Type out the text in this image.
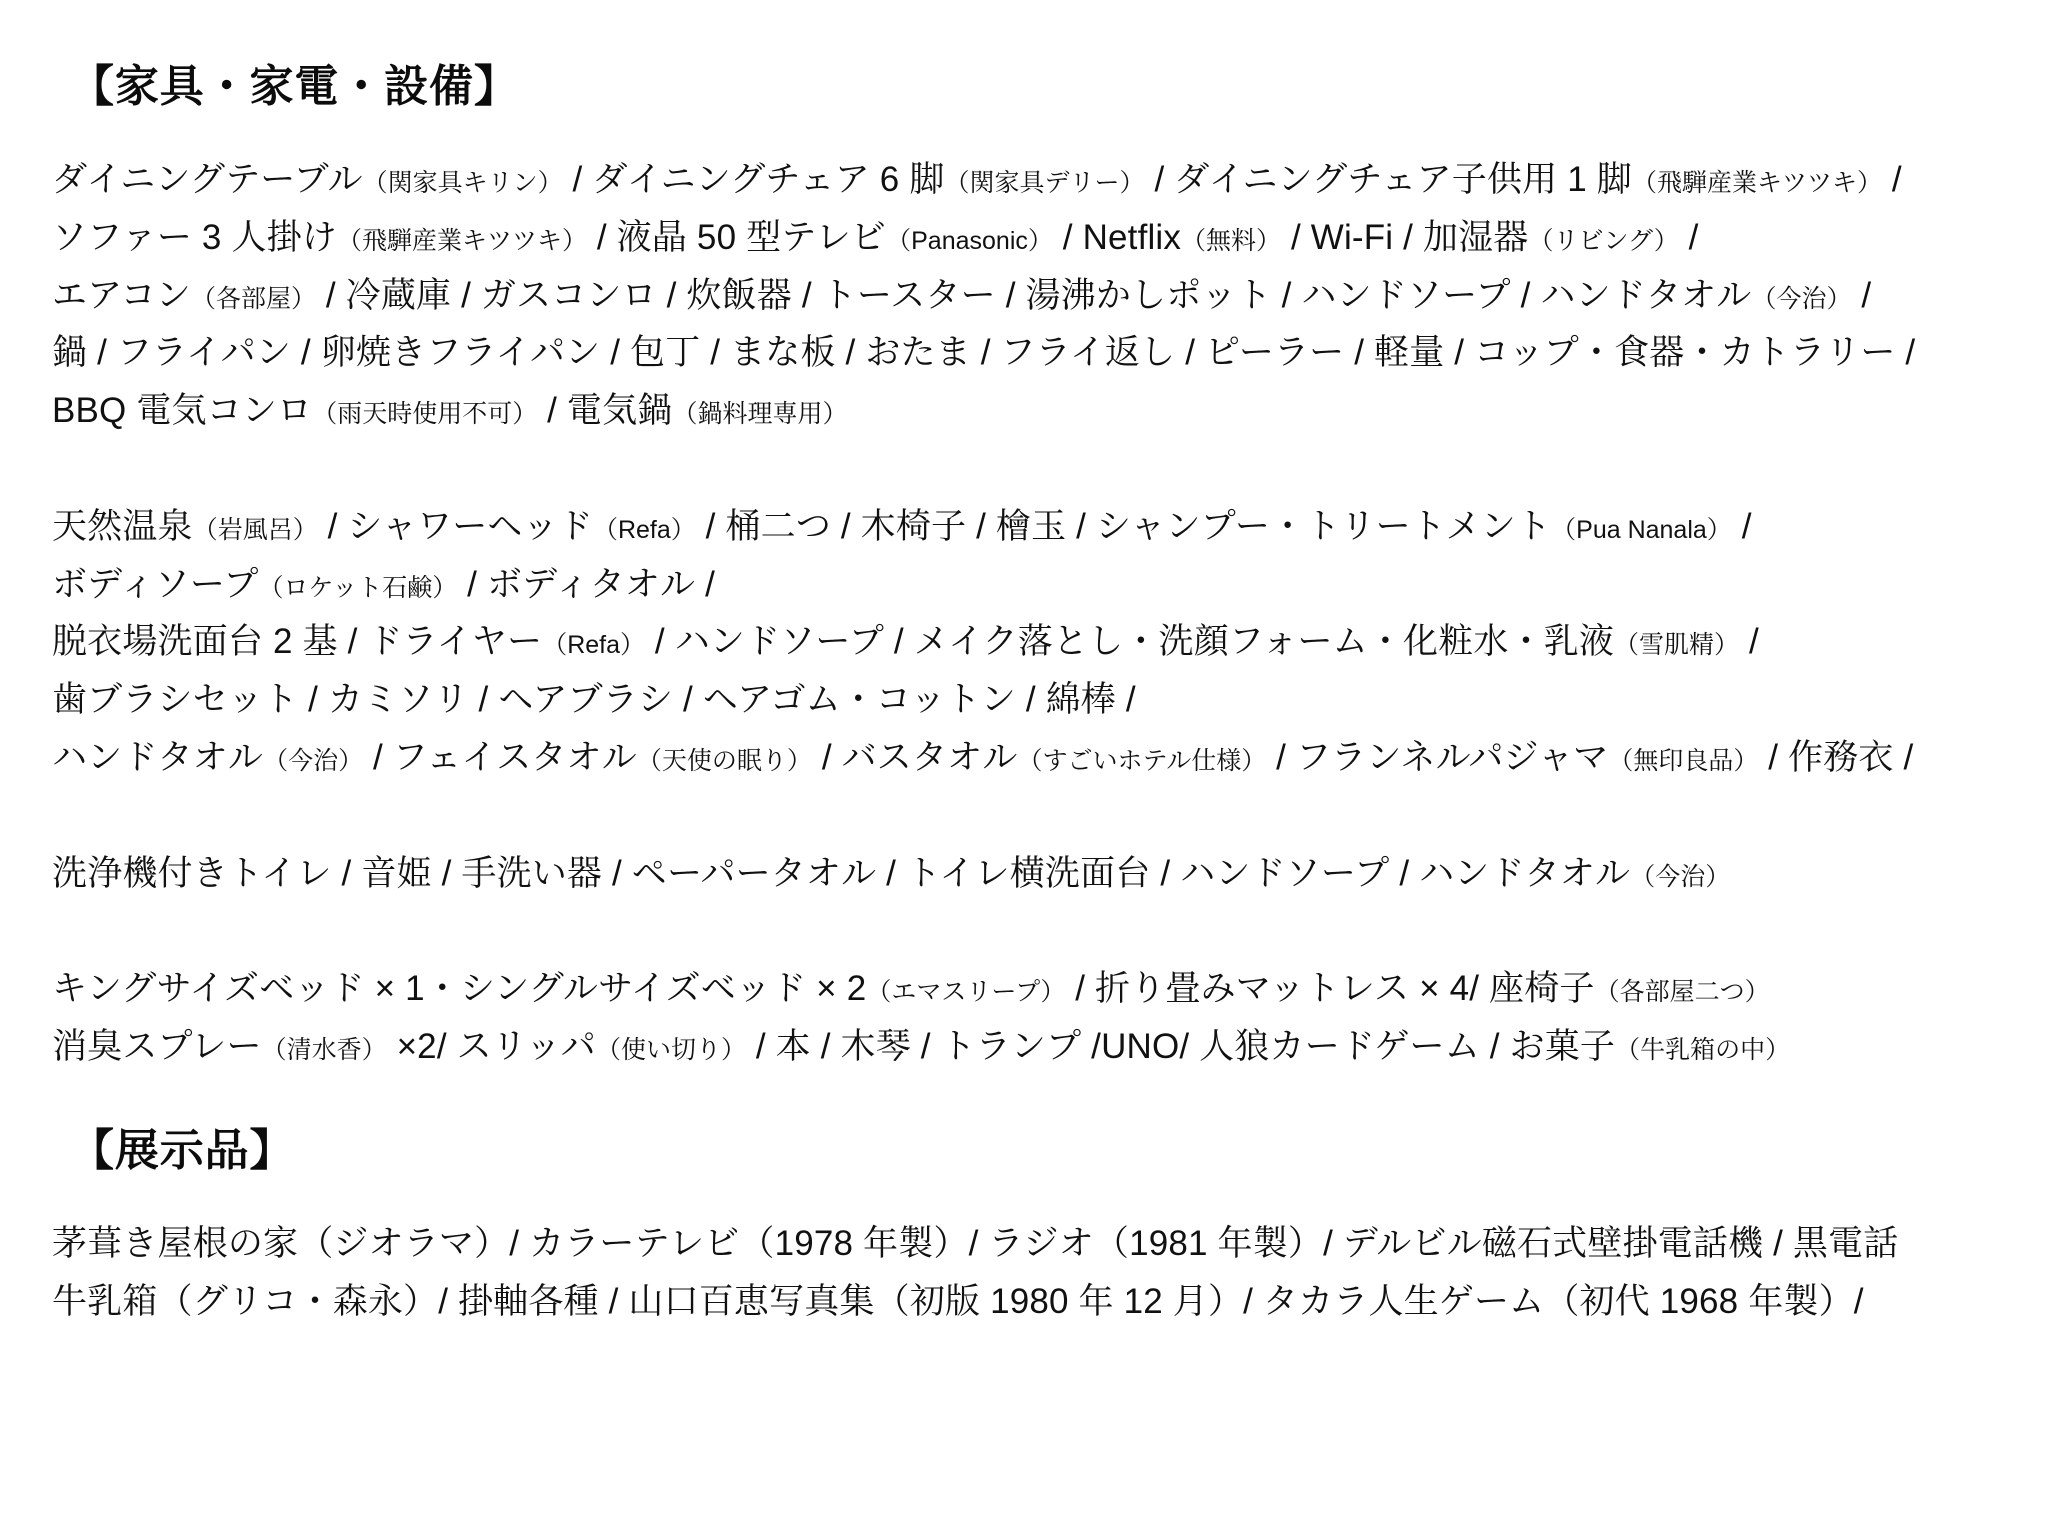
【家具・家電・設備】
ダイニングテーブル（関家具キリン） / ダイニングチェア 6 脚（関家具デリー） / ダイニングチェア子供用 1 脚（飛騨産業キツツキ） /
ソファー 3 人掛け（飛騨産業キツツキ） / 液晶 50 型テレビ（Panasonic） / Netflix（無料） / Wi-Fi / 加湿器（リビング） /
エアコン（各部屋） / 冷蔵庫 / ガスコンロ / 炊飯器 / トースター / 湯沸かしポット / ハンドソープ / ハンドタオル（今治） /
鍋 / フライパン / 卵焼きフライパン / 包丁 / まな板 / おたま / フライ返し / ピーラー / 軽量 / コップ・食器・カトラリー /
BBQ 電気コンロ（雨天時使用不可） / 電気鍋（鍋料理専用）
天然温泉（岩風呂） / シャワーヘッド（Refa） / 桶二つ / 木椅子 / 檜玉 / シャンプー・トリートメント（Pua Nanala） /
ボディソープ（ロケット石鹸） / ボディタオル /
脱衣場洗面台 2 基 / ドライヤー（Refa） / ハンドソープ / メイク落とし・洗顔フォーム・化粧水・乳液（雪肌精） /
歯ブラシセット / カミソリ / ヘアブラシ / ヘアゴム・コットン / 綿棒 /
ハンドタオル（今治） / フェイスタオル（天使の眠り） / バスタオル（すごいホテル仕様） / フランネルパジャマ（無印良品） / 作務衣 /
洗浄機付きトイレ / 音姫 / 手洗い器 / ペーパータオル / トイレ横洗面台 / ハンドソープ / ハンドタオル（今治）
キングサイズベッド × 1・シングルサイズベッド × 2（エマスリープ） / 折り畳みマットレス × 4/ 座椅子（各部屋二つ）
消臭スプレー（清水香） ×2/ スリッパ（使い切り） / 本 / 木琴 / トランプ /UNO/ 人狼カードゲーム / お菓子（牛乳箱の中）
【展示品】
茅葺き屋根の家（ジオラマ）/ カラーテレビ（1978 年製）/ ラジオ（1981 年製）/ デルビル磁石式壁掛電話機 / 黒電話
牛乳箱（グリコ・森永）/ 掛軸各種 / 山口百恵写真集（初版 1980 年 12 月）/ タカラ人生ゲーム（初代 1968 年製）/
